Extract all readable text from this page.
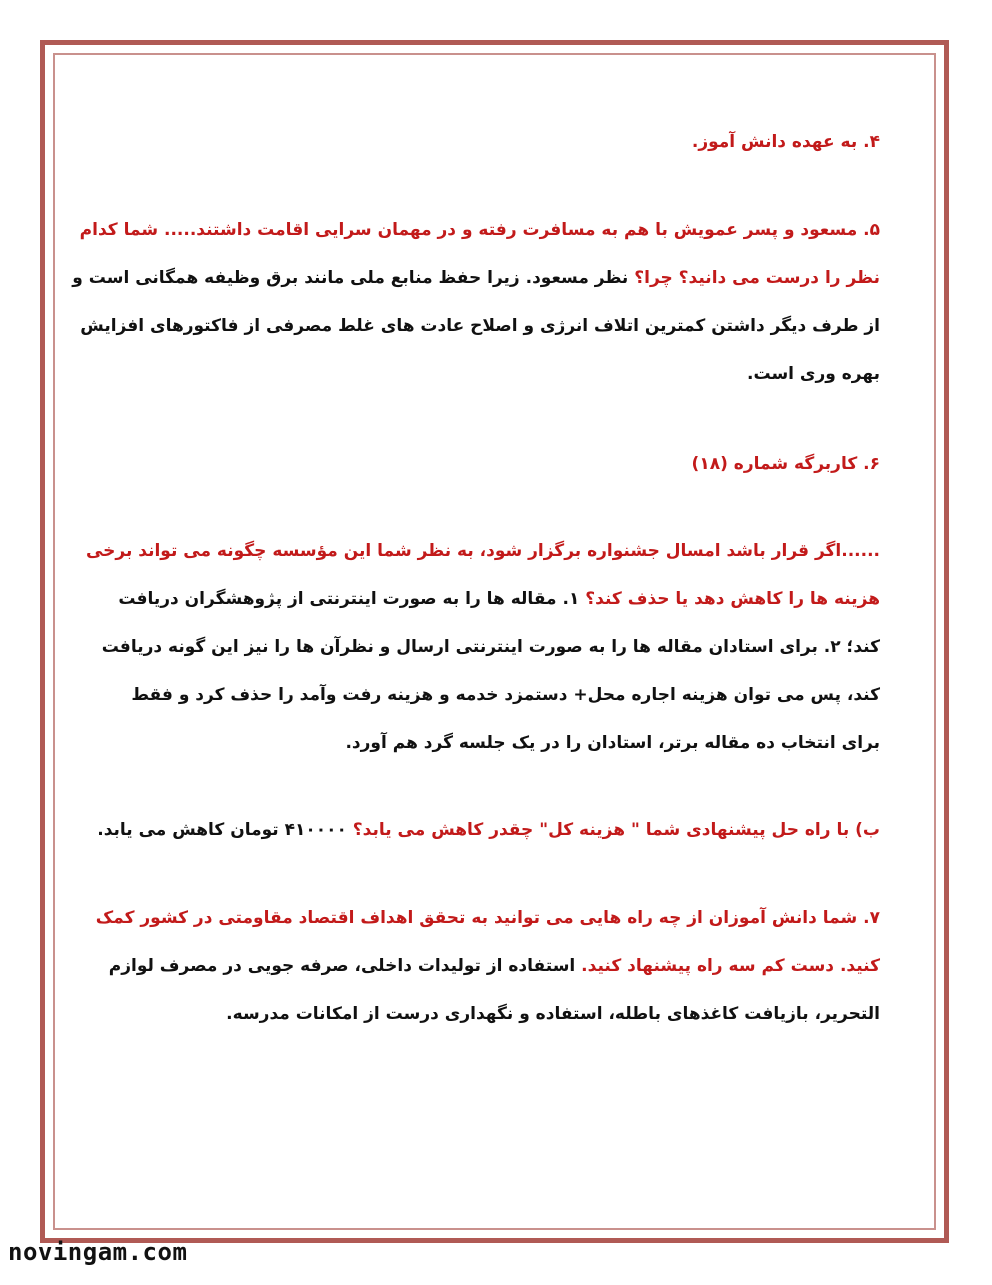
۴. به عهده دانش آموز.

۵. مسعود و پسر عمویش با هم به مسافرت رفته و در مهمان سرایی اقامت داشتند..... شما کدام
نظر را درست می دانید؟ چرا؟ نظر مسعود. زیرا حفظ منابع ملی مانند برق وظیفه همگانی است و
از طرف دیگر داشتن کمترین اتلاف انرژی و اصلاح عادت های غلط مصرفی از فاکتورهای افزایش
بهره وری است.

۶. کاربرگه شماره (۱۸)

......اگر قرار باشد امسال جشنواره برگزار شود، به نظر شما این مؤسسه چگونه می تواند برخی
هزینه ها را کاهش دهد یا حذف کند؟ ۱. مقاله ها را به صورت اینترنتی از پژوهشگران دریافت
کند؛ ۲. برای استادان مقاله ها را به صورت اینترنتی ارسال و نظرآن ها را نیز این گونه دریافت
کند، پس می توان هزینه اجاره محل+ دستمزد خدمه و هزینه رفت وآمد را حذف کرد و فقط
برای انتخاب ده مقاله برتر، استادان را در یک جلسه گرد هم آورد.

ب) با راه حل پیشنهادی شما " هزینه کل" چقدر کاهش می یابد؟ ۴۱۰۰۰۰ تومان کاهش می یابد.

۷. شما دانش آموزان از چه راه هایی می توانید به تحقق اهداف اقتصاد مقاومتی در کشور کمک
کنید. دست کم سه راه پیشنهاد کنید. استفاده از تولیدات داخلی، صرفه جویی در مصرف لوازم
التحریر، بازیافت کاغذهای باطله، استفاده و نگهداری درست از امکانات مدرسه.

novingam.com
